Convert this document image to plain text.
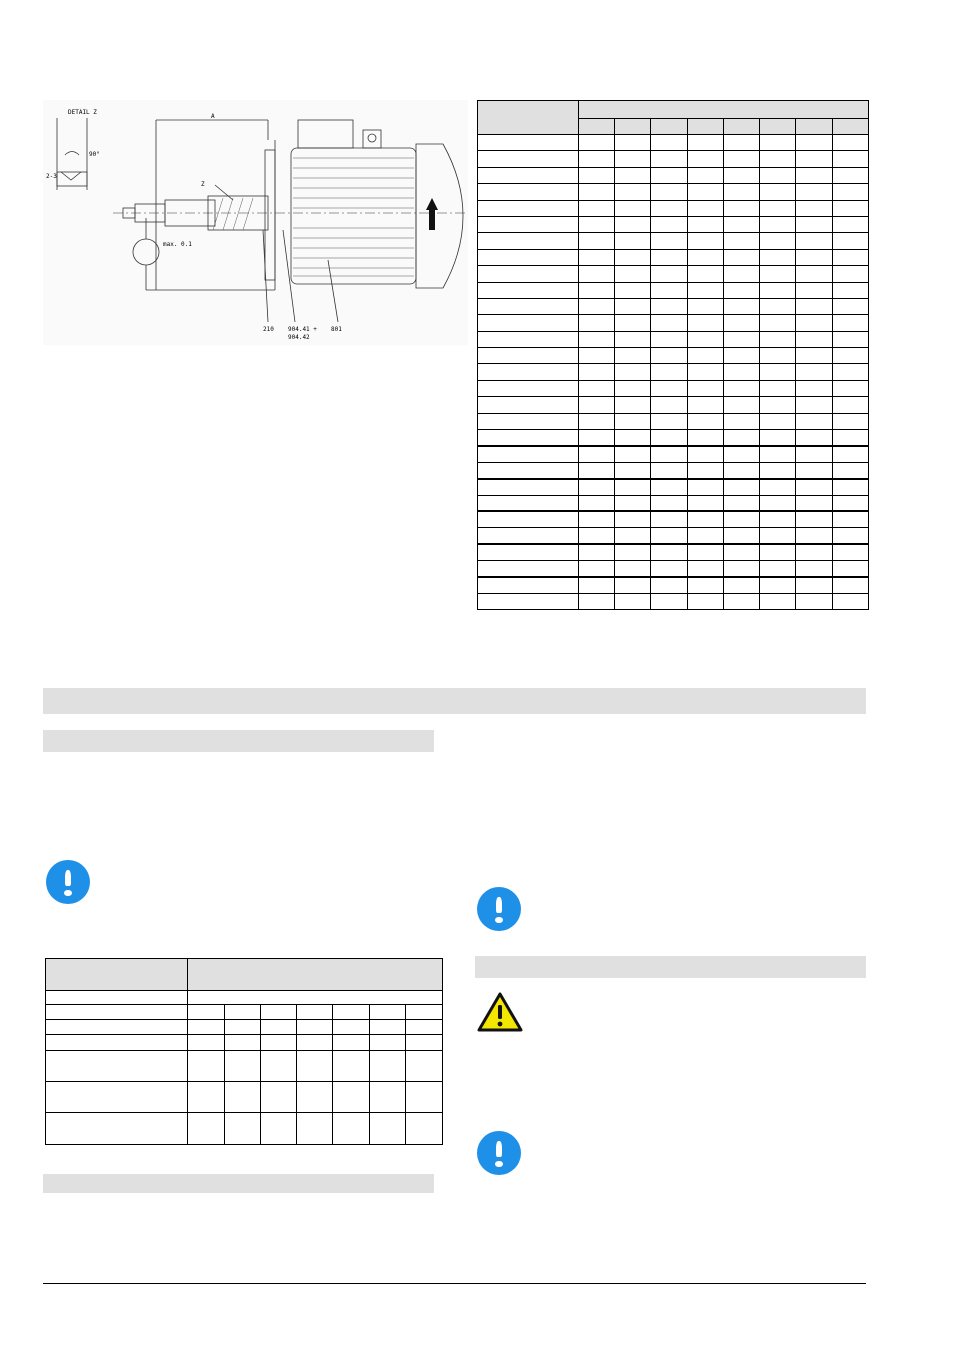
DETAIL Z
90°
2-3
A
Z
max. 0.1
210 904.41 +
904.42
801
